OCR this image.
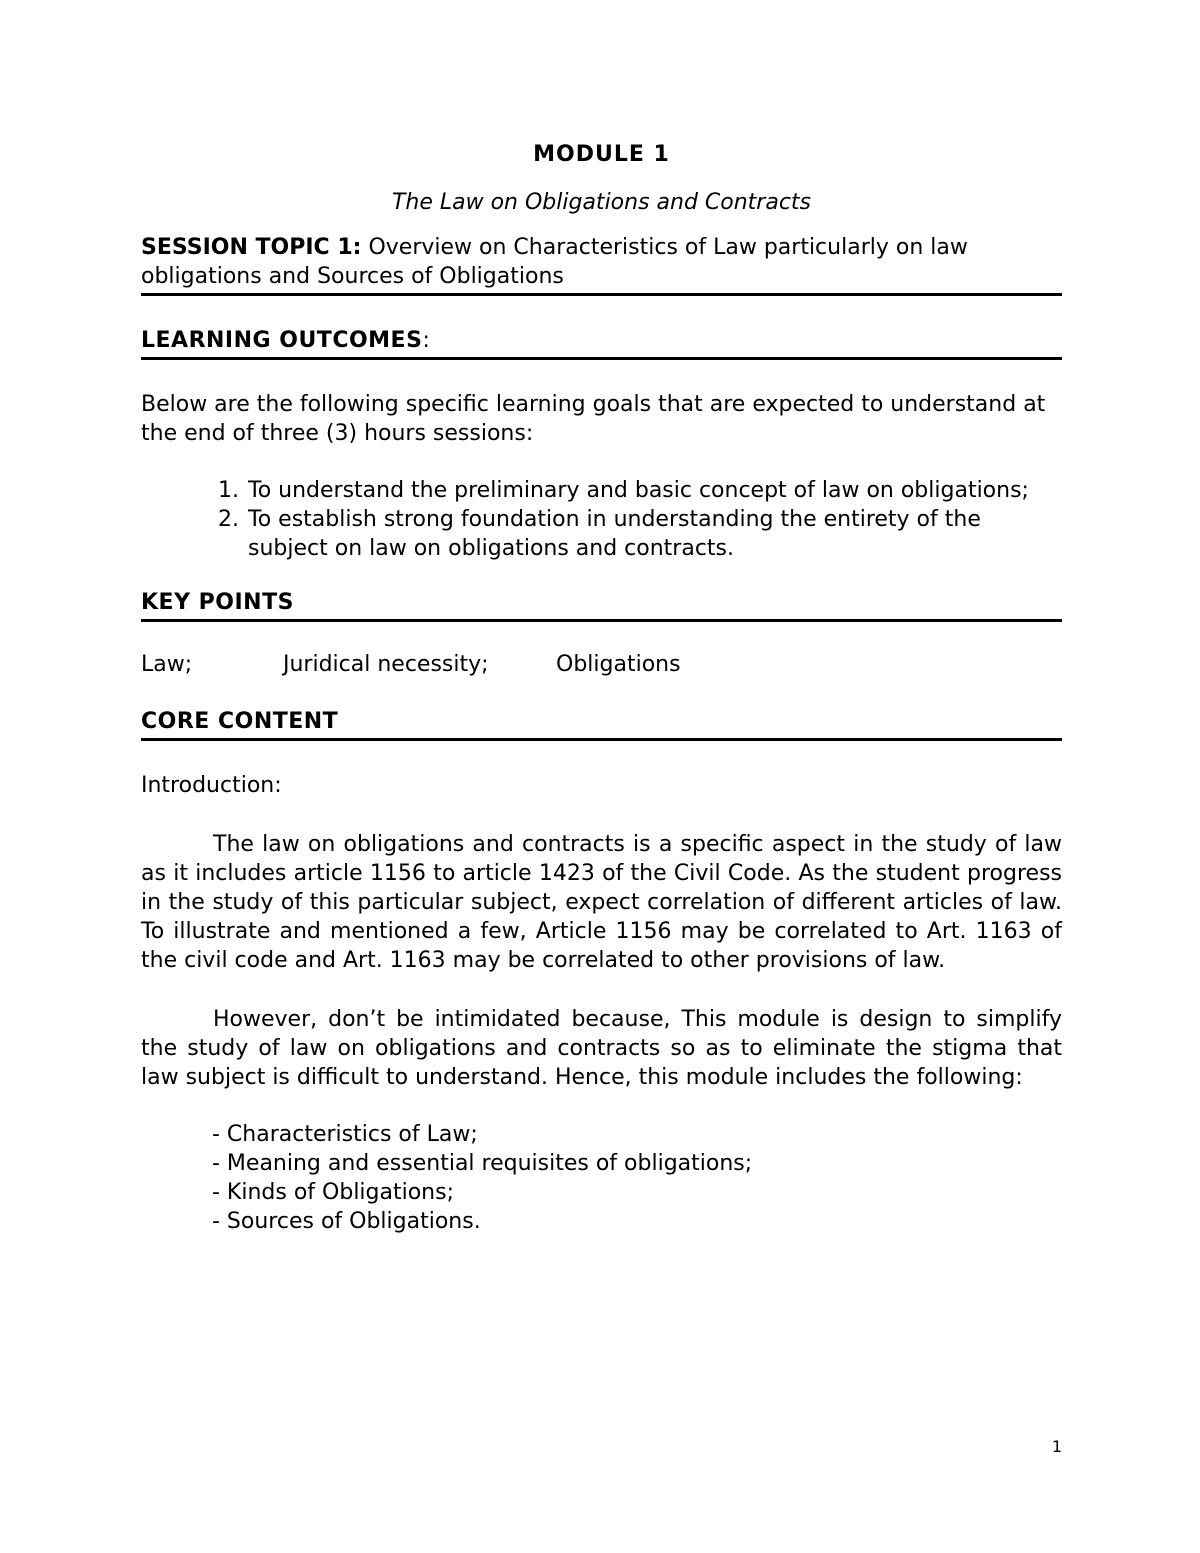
MODULE 1

The Law on Obligations and Contracts

SESSION TOPIC 1: Overview on Characteristics of Law particularly on law obligations and Sources of Obligations

LEARNING OUTCOMES:

Below are the following specific learning goals that are expected to understand at the end of three (3) hours sessions:

1. To understand the preliminary and basic concept of law on obligations;
2. To establish strong foundation in understanding the entirety of the subject on law on obligations and contracts.

KEY POINTS

Law;	Juridical necessity;	Obligations

CORE CONTENT

Introduction:

The law on obligations and contracts is a specific aspect in the study of law as it includes article 1156 to article 1423 of the Civil Code. As the student progress in the study of this particular subject, expect correlation of different articles of law. To illustrate and mentioned a few, Article 1156 may be correlated to Art. 1163 of the civil code and Art. 1163 may be correlated to other provisions of law.

However, don’t be intimidated because, This module is design to simplify the study of law on obligations and contracts so as to eliminate the stigma that law subject is difficult to understand. Hence, this module includes the following:

- Characteristics of Law;
- Meaning and essential requisites of obligations;
- Kinds of Obligations;
- Sources of Obligations.
1
